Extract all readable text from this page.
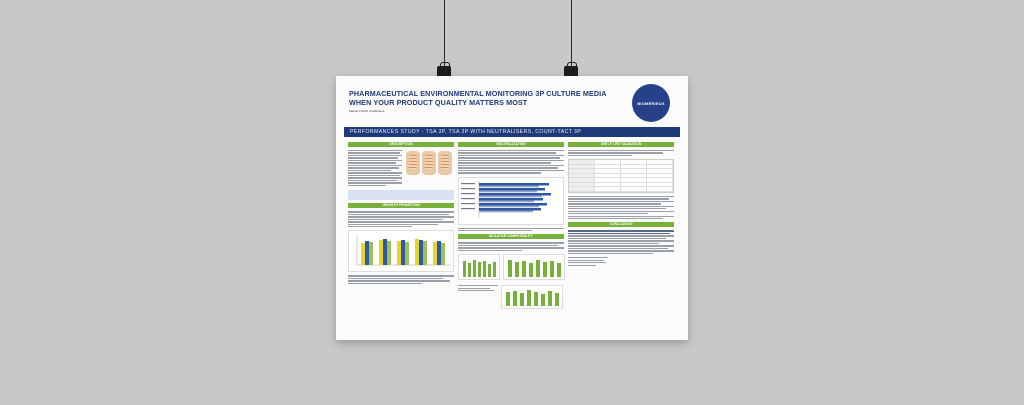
PHARMACEUTICAL ENVIRONMENTAL MONITORING 3P CULTURE MEDIA
WHEN YOUR PRODUCT QUALITY MATTERS MOST
Marine LOUIS, bioMérieux
BIOMÉRIEUX
PERFORMANCES STUDY - TSA 3P, TSA 3P WITH NEUTRALISERS, COUNT-TACT 3P
DESCRIPTION
GROWTH PROMOTION
NEUTRALIZATION
ISOLATOR COMPATIBILITY
SHELF LIFE VALIDATION
CONCLUSION
